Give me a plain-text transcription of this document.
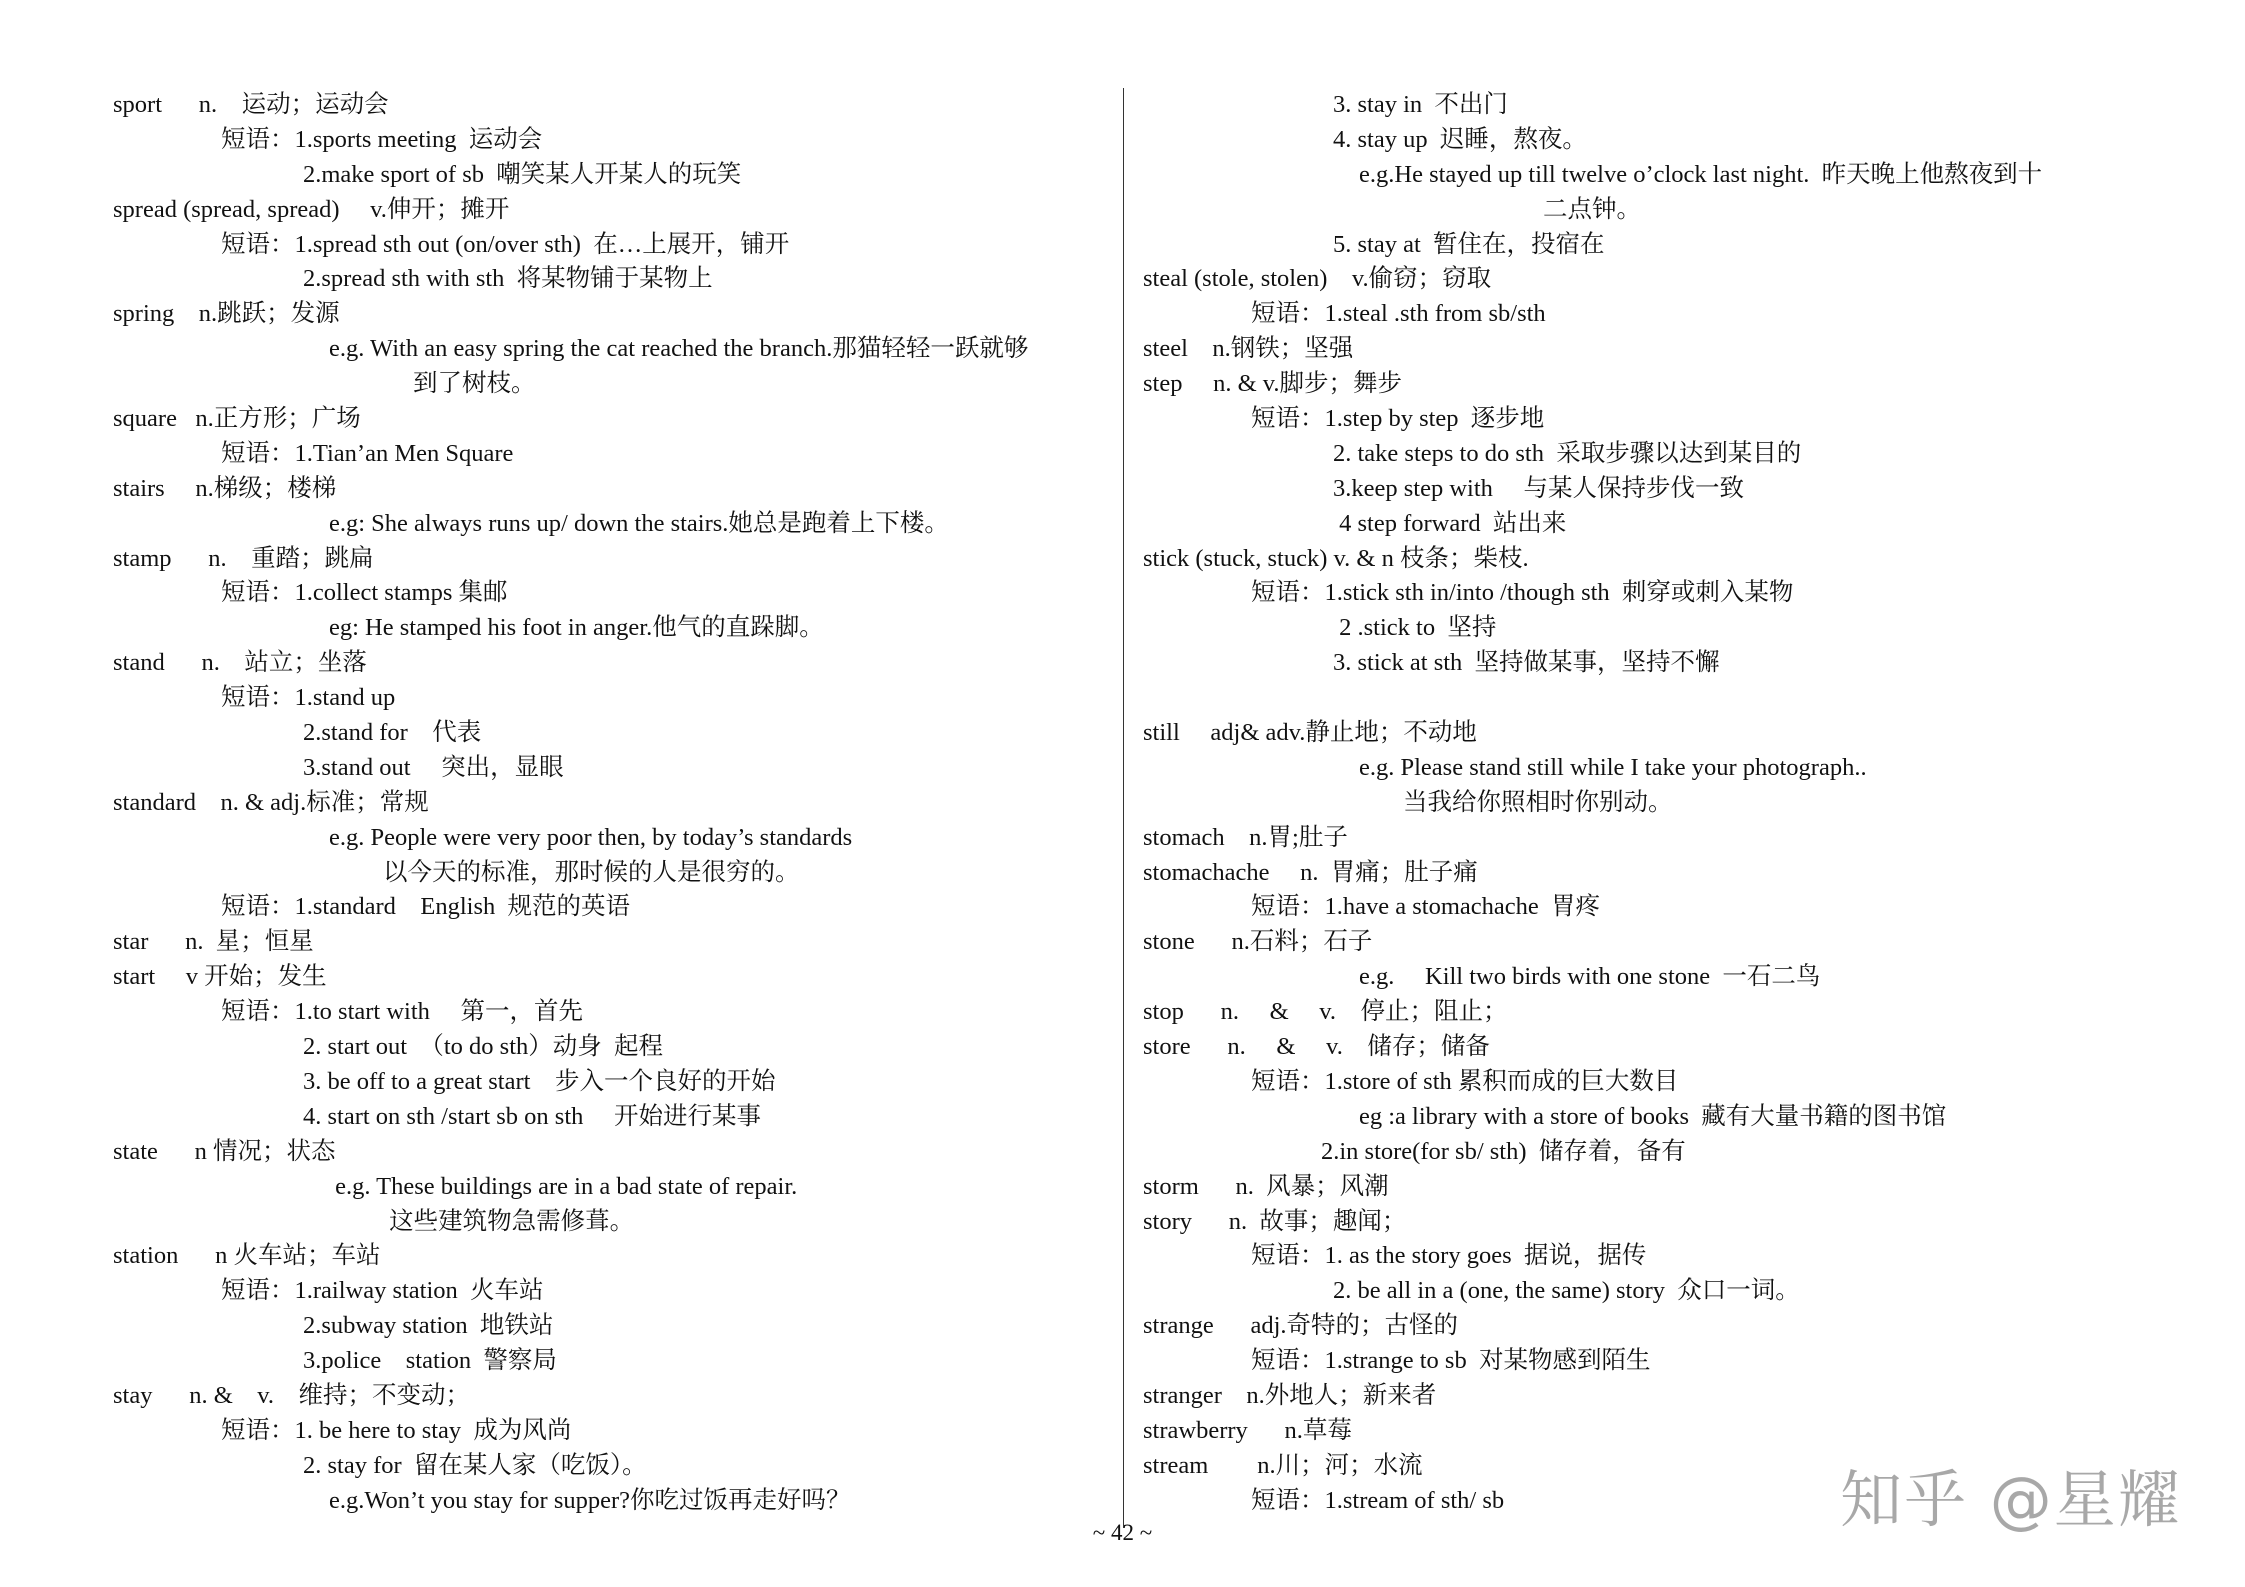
sport      n.    运动；运动会
短语：1.sports meeting  运动会
2.make sport of sb  嘲笑某人开某人的玩笑
spread (spread, spread)     v.伸开；摊开
短语：1.spread sth out (on/over sth)  在…上展开，铺开
2.spread sth with sth  将某物铺于某物上
spring    n.跳跃；发源
e.g. With an easy spring the cat reached the branch.那猫轻轻一跃就够
到了树枝。
square   n.正方形；广场
短语：1.Tian’an Men Square
stairs     n.梯级；楼梯
e.g: She always runs up/ down the stairs.她总是跑着上下楼。
stamp      n.    重踏；跳扁
短语：1.collect stamps 集邮
eg: He stamped his foot in anger.他气的直跺脚。
stand      n.    站立；坐落
短语：1.stand up
2.stand for    代表
3.stand out     突出，显眼
standard    n. & adj.标准；常规
e.g. People were very poor then, by today’s standards
以今天的标准，那时候的人是很穷的。
短语：1.standard    English  规范的英语
star      n.  星；恒星
start     v 开始；发生
短语：1.to start with     第一，首先
2. start out  （to do sth）动身  起程
3. be off to a great start    步入一个良好的开始
4. start on sth /start sb on sth     开始进行某事
state      n 情况；状态
e.g. These buildings are in a bad state of repair.
这些建筑物急需修葺。
station      n 火车站；车站
短语：1.railway station  火车站
2.subway station  地铁站
3.police    station  警察局
stay      n. &    v.    维持；不变动；
短语：1. be here to stay  成为风尚
2. stay for  留在某人家（吃饭）。
e.g.Won’t you stay for supper?你吃过饭再走好吗？
3. stay in  不出门
4. stay up  迟睡，熬夜。
e.g.He stayed up till twelve o’clock last night.  昨天晚上他熬夜到十
二点钟。
5. stay at  暂住在，投宿在
steal (stole, stolen)    v.偷窃；窃取
短语：1.steal .sth from sb/sth
steel    n.钢铁；坚强
step     n. & v.脚步；舞步
短语：1.step by step  逐步地
2. take steps to do sth  采取步骤以达到某目的
3.keep step with     与某人保持步伐一致
4 step forward  站出来
stick (stuck, stuck) v. & n 枝条；柴枝.
短语：1.stick sth in/into /though sth  刺穿或刺入某物
2 .stick to  坚持
3. stick at sth  坚持做某事，坚持不懈
still     adj& adv.静止地；不动地
e.g. Please stand still while I take your photograph..
当我给你照相时你别动。
stomach    n.胃;肚子
stomachache     n.  胃痛；肚子痛
短语：1.have a stomachache  胃疼
stone      n.石料；石子
e.g.     Kill two birds with one stone  一石二鸟
stop      n.     &     v.    停止；阻止；
store      n.     &     v.    储存；储备
短语：1.store of sth 累积而成的巨大数目
eg :a library with a store of books  藏有大量书籍的图书馆
2.in store(for sb/ sth)  储存着，备有
storm      n.  风暴；风潮
story      n.  故事；趣闻；
短语：1. as the story goes  据说，据传
2. be all in a (one, the same) story  众口一词。
strange      adj.奇特的；古怪的
短语：1.strange to sb  对某物感到陌生
stranger    n.外地人；新来者
strawberry      n.草莓
stream        n.川；河；水流
短语：1.stream of sth/ sb
~ 42 ~	知乎 @星耀
